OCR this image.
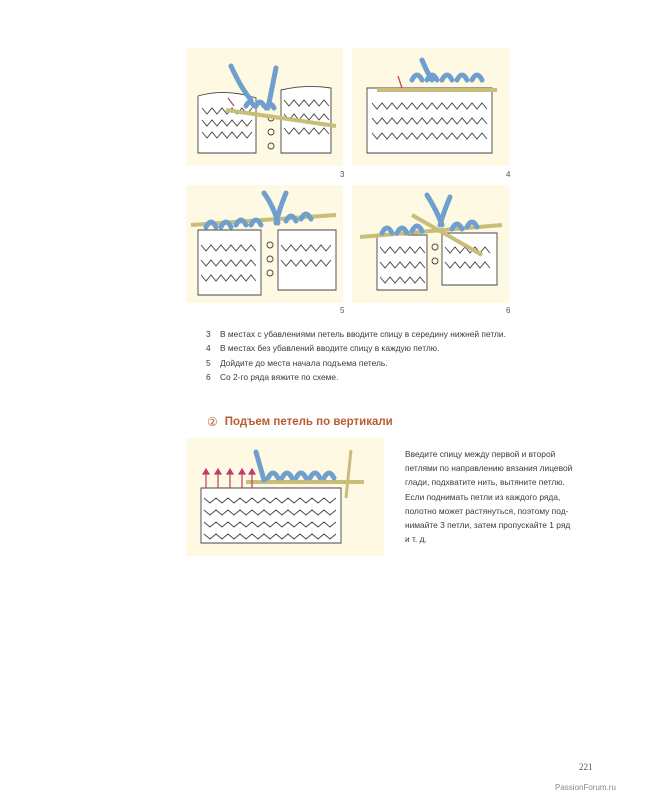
3	4
5	6
3	В местах с убавлениями петель вводите спицу в середину нижней петли.
4	В местах без убавлений вводите спицу в каждую петлю.
5	Дойдите до места начала подъема петель.
6	Со 2-го ряда вяжите по схеме.
② Подъем петель по вертикали
Введите спицу между первой и второй
петлями по направлению вязания лицевой
глади, подхватите нить, вытяните петлю.
Если поднимать петли из каждого ряда,
полотно может растянуться, поэтому под-
нимайте 3 петли, затем пропускайте 1 ряд
и т. д.
221
PassionForum.ru
